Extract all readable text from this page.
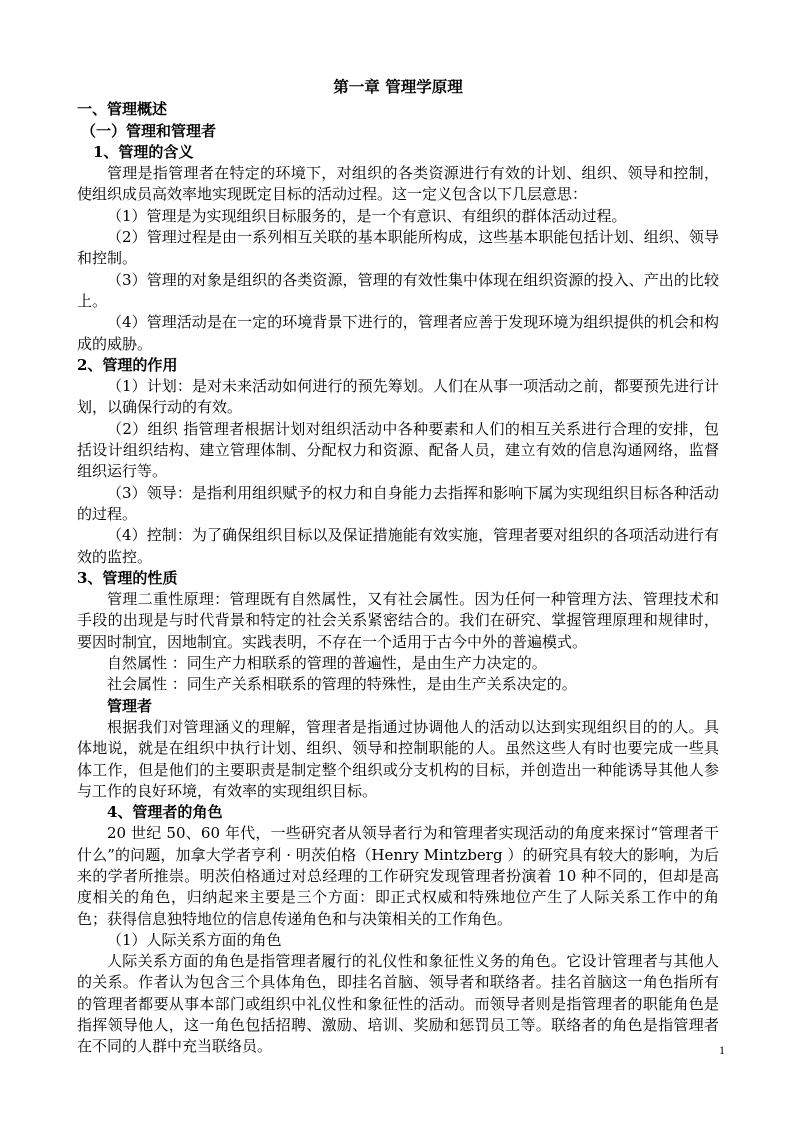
第一章 管理学原理
一、管理概述
（一）管理和管理者
1、管理的含义

管理是指管理者在特定的环境下，对组织的各类资源进行有效的计划、组织、领导和控制，使组织成员高效率地实现既定目标的活动过程。这一定义包含以下几层意思：

（1）管理是为实现组织目标服务的，是一个有意识、有组织的群体活动过程。

（2）管理过程是由一系列相互关联的基本职能所构成，这些基本职能包括计划、组织、领导和控制。

（3）管理的对象是组织的各类资源，管理的有效性集中体现在组织资源的投入、产出的比较上。

（4）管理活动是在一定的环境背景下进行的，管理者应善于发现环境为组织提供的机会和构成的威胁。

2、管理的作用

（1）计划：是对未来活动如何进行的预先筹划。人们在从事一项活动之前，都要预先进行计划，以确保行动的有效。

（2）组织 指管理者根据计划对组织活动中各种要素和人们的相互关系进行合理的安排，包括设计组织结构、建立管理体制、分配权力和资源、配备人员，建立有效的信息沟通网络，监督组织运行等。

（3）领导：是指利用组织赋予的权力和自身能力去指挥和影响下属为实现组织目标各种活动的过程。

（4）控制：为了确保组织目标以及保证措施能有效实施，管理者要对组织的各项活动进行有效的监控。

3、管理的性质

管理二重性原理：管理既有自然属性，又有社会属性。因为任何一种管理方法、管理技术和手段的出现是与时代背景和特定的社会关系紧密结合的。我们在研究、掌握管理原理和规律时，要因时制宜，因地制宜。实践表明，不存在一个适用于古今中外的普遍模式。

自然属性 ：同生产力相联系的管理的普遍性，是由生产力决定的。

社会属性 ：同生产关系相联系的管理的特殊性，是由生产关系决定的。

管理者

根据我们对管理涵义的理解，管理者是指通过协调他人的活动以达到实现组织目的的人。具体地说，就是在组织中执行计划、组织、领导和控制职能的人。虽然这些人有时也要完成一些具体工作，但是他们的主要职责是制定整个组织或分支机构的目标，并创造出一种能诱导其他人参与工作的良好环境，有效率的实现组织目标。

4、管理者的角色

20 世纪 50、60 年代，一些研究者从领导者行为和管理者实现活动的角度来探讨“管理者干什么”的问题，加拿大学者亨利 · 明茨伯格（Henry Mintzberg ）的研究具有较大的影响，为后来的学者所推崇。明茨伯格通过对总经理的工作研究发现管理者扮演着 10 种不同的，但却是高度相关的角色，归纳起来主要是三个方面：即正式权威和特殊地位产生了人际关系工作中的角色；获得信息独特地位的信息传递角色和与决策相关的工作角色。

（1）人际关系方面的角色

人际关系方面的角色是指管理者履行的礼仪性和象征性义务的角色。它设计管理者与其他人的关系。作者认为包含三个具体角色，即挂名首脑、领导者和联络者。挂名首脑这一角色指所有的管理者都要从事本部门或组织中礼仪性和象征性的活动。而领导者则是指管理者的职能角色是指挥领导他人，这一角色包括招聘、激励、培训、奖励和惩罚员工等。联络者的角色是指管理者在不同的人群中充当联络员。	1
